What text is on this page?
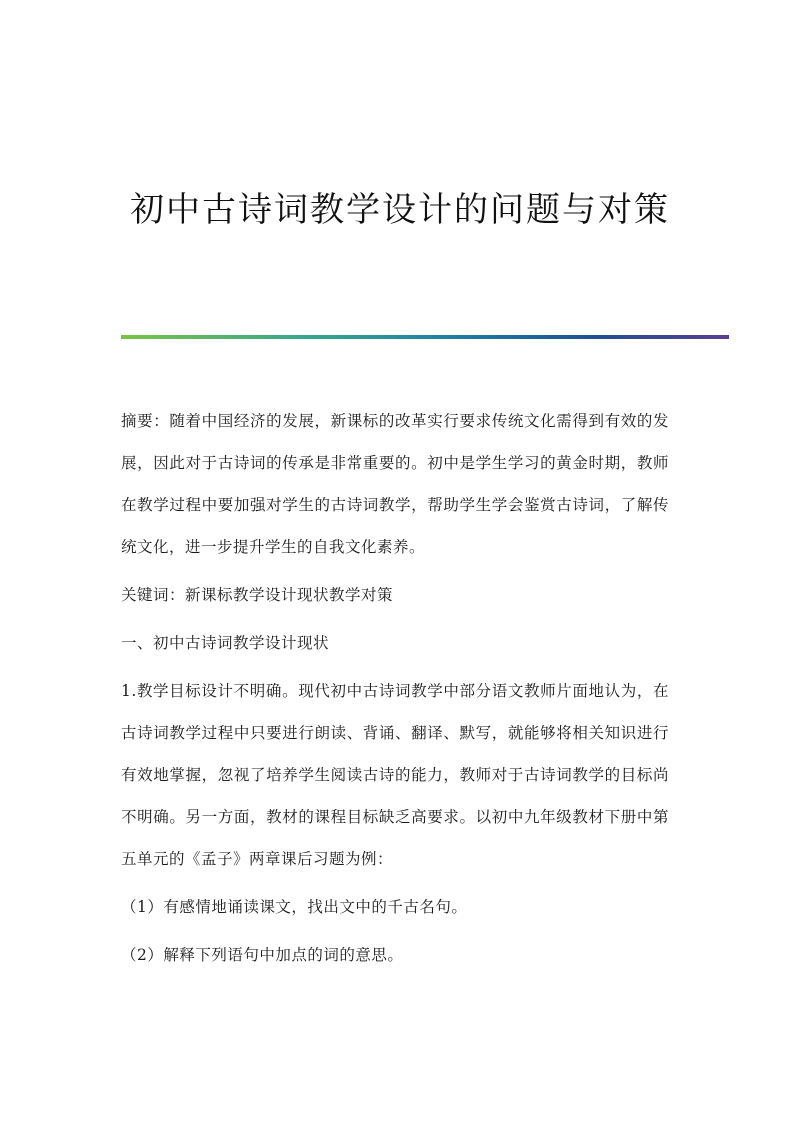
初中古诗词教学设计的问题与对策

摘要：随着中国经济的发展，新课标的改革实行要求传统文化需得到有效的发展，因此对于古诗词的传承是非常重要的。初中是学生学习的黄金时期，教师在教学过程中要加强对学生的古诗词教学，帮助学生学会鉴赏古诗词，了解传统文化，进一步提升学生的自我文化素养。

关键词：新课标教学设计现状教学对策

一、初中古诗词教学设计现状

1.教学目标设计不明确。现代初中古诗词教学中部分语文教师片面地认为，在古诗词教学过程中只要进行朗读、背诵、翻译、默写，就能够将相关知识进行有效地掌握，忽视了培养学生阅读古诗的能力，教师对于古诗词教学的目标尚不明确。另一方面，教材的课程目标缺乏高要求。以初中九年级教材下册中第五单元的《孟子》两章课后习题为例：

（1）有感情地诵读课文，找出文中的千古名句。

（2）解释下列语句中加点的词的意思。
